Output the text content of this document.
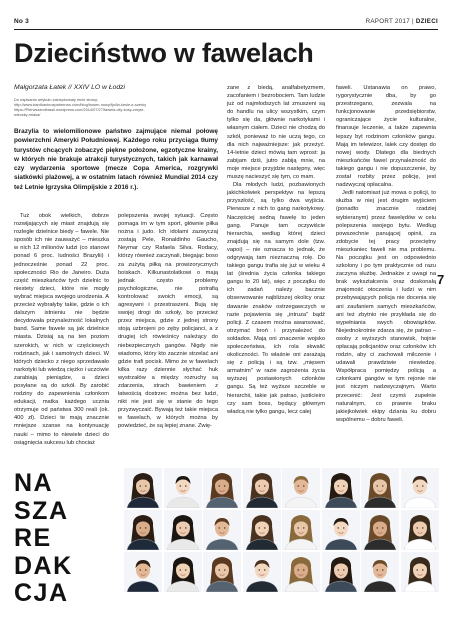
No 3	RAPORT 2017 | DZIECI
Dzieciństwo w fawelach
Małgorzata Łatek // XXIV LO w Łodzi
Do napisania artykułu zainspirowały mnie strony:
http://www.bardhaninospahernan.com/blog/husen-nowy/fjollin-kesle-e-szerky
https://Pierwszamlbrasil.wordpress.com/2014/07/27/fawela-city-kosy-zmyte-
wievsky-miasa/

Brazylia to wielomilionowe państwo zajmujące niemal połowę powierzchni Ameryki Południowej. Każdego roku przyciąga tłumy turystów chcących zobaczyć piękne położone, egzotyczne krainy, w których nie brakuje atrakcji turystycznych, takich jak karnawał czy wydarzenia sportowe (mecze Copa America, rozgrywki siatkówki plażowej, a w ostatnim latach również Mundial 2014 czy też Letnie Igrzyska Olimpijskie z 2016 r.).

Tuż obok wielkich, dobrze rozwijających się miast znajdują się rozległe dzielnice biedy – fawele. Nie sposób ich nie zauważyć – mieszka w nich 12 milionów ludzi (co stanowi ponad 6 proc. ludności Brazylii) i jednocześnie ponad 22 proc. społeczności Rio de Janeiro. Duża część mieszkańców tych dzielnic to niestety dzieci, które nie mogły wybrać miejsca swojego urodzenia. A przecież wybrałyby takie, gdzie o ich dalszym istnieniu nie będzie decydowała przynależność lokalnych band. Same fawele są jak dzielnice miasta. Dzisiaj są na ten poziom szerokich, w nich w częściowych rodzinach, jak i samotnych dzieci. W których dziecko z niego sprzedawało narkotyki lub wiedzą ciężko i uczciwie zarabiają pieniądze, a dzieci posyłane są do szkół. By zarobić rodziny do zapewnienia członkom edukacji, matka każdego ucznia otrzymuje od państwa 300 reali (ok. 400 zł). Dzieci te mają znacznie mniejsze szanse na kontynuację nauki – mimo to niewiele dzieci do osiągnięcia sukcesu lub chociaż

polepszenia swojej sytuacji. Często pomaga im w tym sport, głównie piłka nożna i judo. Ich idolami zazwyczaj zostają Pele, Ronaldinho Gaucho, Neymar czy Rafaela Silva. Rodacy, którzy również zaczynali, biegając boso za zużytą piłką na prowizorycznych boiskach. Kilkunastolatkowi o mają jednak często problemy psychologiczne, nie potrafią kontrolować swoich emocji, są agresywni i przestraszeni. Bują się swojej drogi do szkoły, bo przecież przez miejsca, gdzie z jednej strony stoją uzbrojeni po zęby policjanci, a z drugiej ich rówieśnicy należący do niebezpiecznych gangów. Nigdy nie wiadomo, który kto zacznie strzelać ani gdzie trafi pocisk. Mimo że w fawelach kilka razy dziennie słychać huk wystrzałów a między rozruchy są zdarzenia, strach bawieniem z łatwością dostrzec można bez ludzi, nikt nie jest się w stanie do tego przyzwyczaić. Bywają też takie miejsca w fawelach, w których można by powiedzieć, że są lepiej znane. Zwię-

zane z biedą, analfabetyzmem, zacofaniem i bezrobociem. Tam ludzie już od najmłodszych lat zmuszeni są do handlu na ulicy wszystkim, czym tylko się da, głównie narkotykami i własnym ciałem. Dzieci nie chodzą do szkół, ponieważ to nie uczą tego, co dla nich najważniejsze: jak przeżyć. 14-letnie dzieci mówią tam wprost: ja zabijam dziś, jutro zabiją mnie, na moje miejsce przyjdzie następny, więc muszę nacieszyć się tym, co mam.

Dla młodych ludzi, pozbawionych jakichkolwiek perspektyw na lepszą przyszłość, są tylko dwa wyjścia. Pierwsze z nich to gang narkotykowy. Naczęściej sedną fawelę to jeden gang. Panuje tam oczywiście hierarchia, według której dzieci znajdują się na samym dole (tzw. vapoi) – nie oznacza to jednak, że odgrywają tam nieznaczną rolę. Do takiego gangu trafia się już w wieku 4 lat (średnia życia członka takiego gangu to 20 lat), więc z początku do ich zadań należy bacznie obserwowanie najbliższej okolicy oraz dawanie znaków ostrzegawczych w razie pojawienia się „intruza" bądź policji. Z czasem można awansować, otrzymać broń i przynależeć do soldados. Mają oni znaczenie wojsko społeczeństwa, ich rola skwalić okoliczności. To właśnie oni zarażają się z policją i są tzw. „mięsem armatnim" w razie zagrożenia życia wyższej postawionych członków gangu. Są też wyższe szczeble w hierarchii, takie jak patrao, justicieiro czy sam boss, będący głównym władcą nie tylko gangu, lecz całej

faweli. Ustanawia on prawo, rygorystycznie dba, by go przestrzegano, zezwala na funkcjonowanie przedsiębiorstw, ograniczające życie kulturalne, finansuje leczenie, a także zapewnia lepszy byt rodzinom członków gangu. Mają im telewizor, lalek czy dostęp do nowej wody. Dlatego dla biednych mieszkańców fawel przynależność do takiego gangu i nie dopuszczenie, by został rozbity przez policję, jest nadzwyczaj opłacalna.

Jedli natomiast już mowa o policji, to służba w niej jest drugim wyjściem (ponadto znacznie rzadziej wybieranym) przez fawelędów w celu polepszenia swojego bytu. Według powszechnie panującej opinii, za zdobycie tej pracy przeciętny mieszkaniec faweli nie ma problemu. Na początku jest on odpowiednio szkolony i po tym praktycznie od razu zaczyna służbę. Jednakże z uwagi na brak wykształcenia oraz doskonałą znajomość otoczenia i ludzi w nim przebywających policja nie docenia się ani zaufaniem samych mieszkańców, ani też zbytnio nie przykłada się do wypełniania swych obowiązków. Niejednokrotnie zdarza się, że patrao – osoby z wyższych stanowisk, hojnie opłacają policjantów oraz członków ich rodzin, aby ci zachowali milczenie i udawali prawdziwie niewiedzę. Współpraca pomiędzy policją a członkami gangów w tym rejonie nie jest niczym nadzwyczajnym. Warto przecenić: Jest czymś zupełnie naturalnym, co prawnie braku jakiejkolwiek ekipy dziania ku dobru wspólnemu – dobru faweli.

7
NA
SZA
RE
DAK
CJA
